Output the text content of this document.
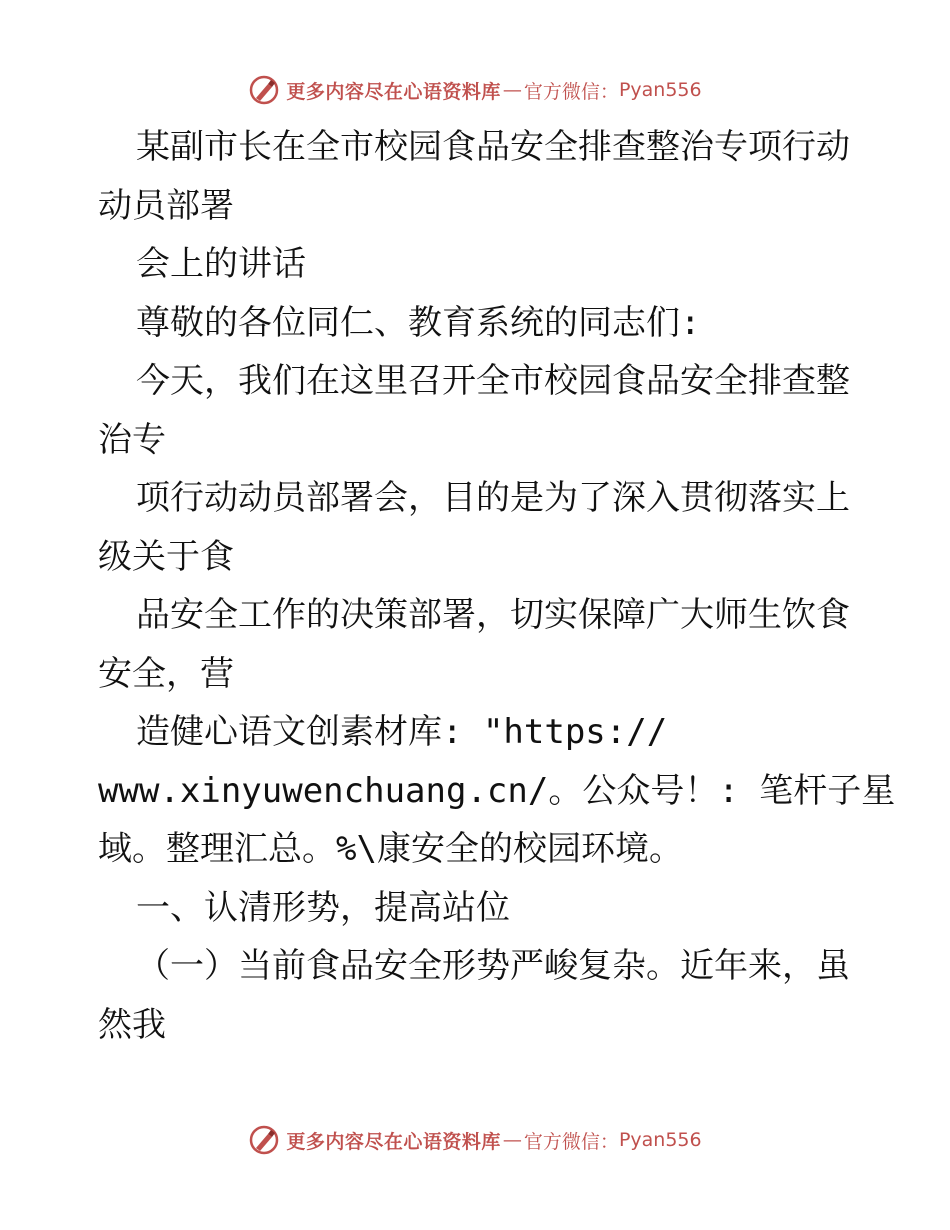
更多内容尽在心语资料库 — 官方微信： Pyan556
某副市长在全市校园食品安全排查整治专项行动
动员部署
会上的讲话
尊敬的各位同仁、教育系统的同志们:
今天，我们在这里召开全市校园食品安全排查整
治专
项行动动员部署会，目的是为了深入贯彻落实上
级关于食
品安全工作的决策部署，切实保障广大师生饮食
安全，营
造健心语文创素材库: "https://
www.xinyuwenchuang.cn/。公众号！: 笔杆子星
域。整理汇总。%\康安全的校园环境。
一、认清形势，提高站位
（一）当前食品安全形势严峻复杂。近年来，虽
然我
更多内容尽在心语资料库 — 官方微信： Pyan556
